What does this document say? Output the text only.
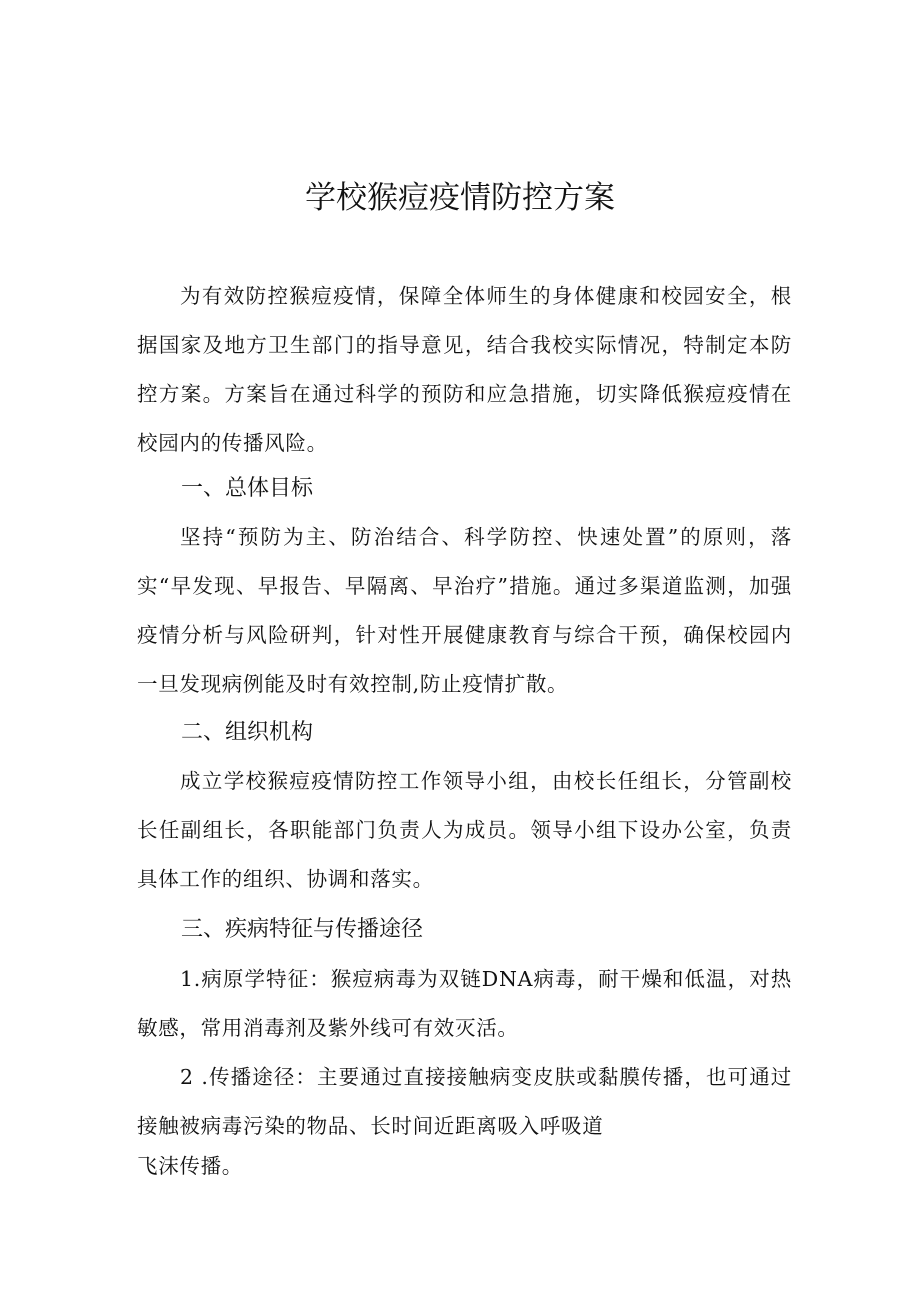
学校猴痘疫情防控方案
为有效防控猴痘疫情，保障全体师生的身体健康和校园安全，根据国家及地方卫生部门的指导意见，结合我校实际情况，特制定本防控方案。方案旨在通过科学的预防和应急措施，切实降低猴痘疫情在校园内的传播风险。
一、总体目标
坚持“预防为主、防治结合、科学防控、快速处置”的原则，落实“早发现、早报告、早隔离、早治疗”措施。通过多渠道监测，加强疫情分析与风险研判，针对性开展健康教育与综合干预，确保校园内一旦发现病例能及时有效控制,防止疫情扩散。
二、组织机构
成立学校猴痘疫情防控工作领导小组，由校长任组长，分管副校长任副组长，各职能部门负责人为成员。领导小组下设办公室，负责具体工作的组织、协调和落实。
三、疾病特征与传播途径
1.病原学特征：猴痘病毒为双链DNA病毒，耐干燥和低温，对热敏感，常用消毒剂及紫外线可有效灭活。
2 .传播途径：主要通过直接接触病变皮肤或黏膜传播，也可通过接触被病毒污染的物品、长时间近距离吸入呼吸道
飞沫传播。
